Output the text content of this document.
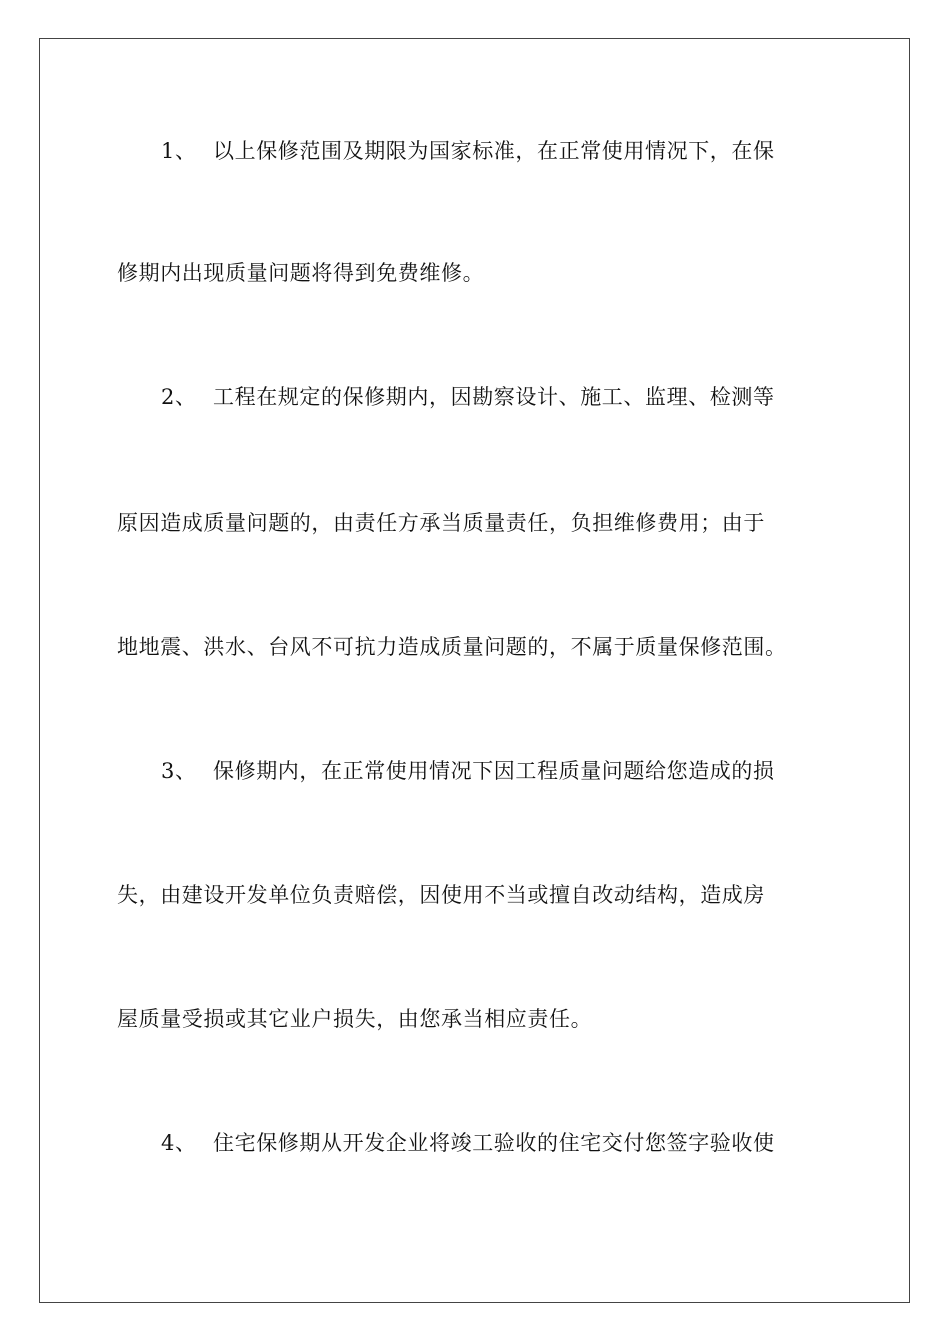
1、 以上保修范围及期限为国家标准，在正常使用情况下，在保
修期内出现质量问题将得到免费维修。
2、 工程在规定的保修期内，因勘察设计、施工、监理、检测等
原因造成质量问题的，由责任方承当质量责任，负担维修费用；由于
地地震、洪水、台风不可抗力造成质量问题的，不属于质量保修范围。
3、 保修期内，在正常使用情况下因工程质量问题给您造成的损
失，由建设开发单位负责赔偿，因使用不当或擅自改动结构，造成房
屋质量受损或其它业户损失，由您承当相应责任。
4、 住宅保修期从开发企业将竣工验收的住宅交付您签字验收使
